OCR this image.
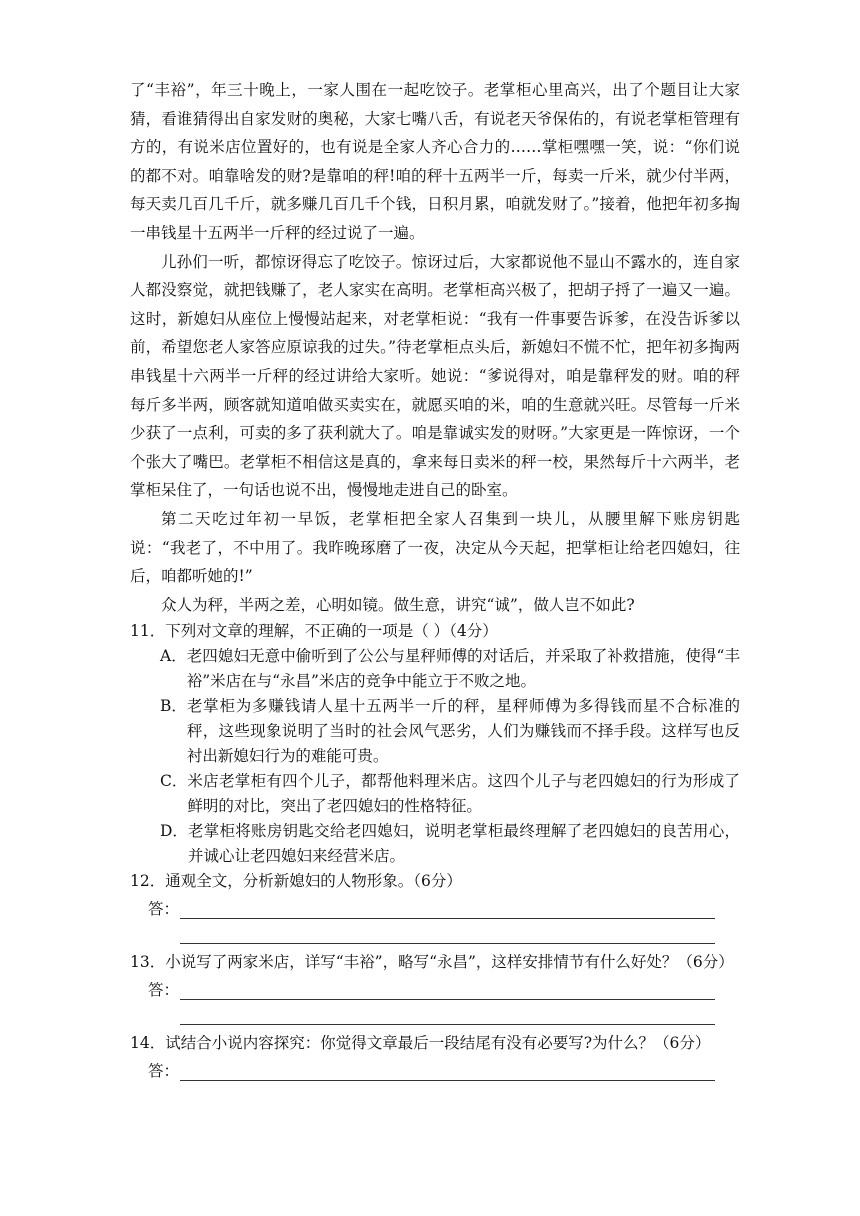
了“丰裕”，年三十晚上，一家人围在一起吃饺子。老掌柜心里高兴，出了个题目让大家猜，看谁猜得出自家发财的奥秘，大家七嘴八舌，有说老天爷保佑的，有说老掌柜管理有方的，有说米店位置好的，也有说是全家人齐心合力的……掌柜嘿嘿一笑，说：“你们说的都不对。咱靠啥发的财?是靠咱的秤!咱的秤十五两半一斤，每卖一斤米，就少付半两，每天卖几百几千斤，就多赚几百几千个钱，日积月累，咱就发财了。”接着，他把年初多掏一串钱星十五两半一斤秤的经过说了一遍。

儿孙们一听，都惊讶得忘了吃饺子。惊讶过后，大家都说他不显山不露水的，连自家人都没察觉，就把钱赚了，老人家实在高明。老掌柜高兴极了，把胡子捋了一遍又一遍。这时，新媳妇从座位上慢慢站起来，对老掌柜说：“我有一件事要告诉爹，在没告诉爹以前，希望您老人家答应原谅我的过失。”待老掌柜点头后，新媳妇不慌不忙，把年初多掏两串钱星十六两半一斤秤的经过讲给大家听。她说：“爹说得对，咱是靠秤发的财。咱的秤每斤多半两，顾客就知道咱做买卖实在，就愿买咱的米，咱的生意就兴旺。尽管每一斤米少获了一点利，可卖的多了获利就大了。咱是靠诚实发的财呀。”大家更是一阵惊讶，一个个张大了嘴巴。老掌柜不相信这是真的，拿来每日卖米的秤一校，果然每斤十六两半，老掌柜呆住了，一句话也说不出，慢慢地走进自己的卧室。

第二天吃过年初一早饭，老掌柜把全家人召集到一块儿，从腰里解下账房钥匙说：“我老了，不中用了。我昨晚琢磨了一夜，决定从今天起，把掌柜让给老四媳妇，往后，咱都听她的!”

众人为秤，半两之差，心明如镜。做生意，讲究“诚”，做人岂不如此?

11．下列对文章的理解，不正确的一项是（ ）（4分）

A． 老四媳妇无意中偷听到了公公与星秤师傅的对话后，并采取了补救措施，使得“丰裕”米店在与“永昌”米店的竞争中能立于不败之地。
B． 老掌柜为多赚钱请人星十五两半一斤的秤，星秤师傅为多得钱而星不合标准的秤，这些现象说明了当时的社会风气恶劣，人们为赚钱而不择手段。这样写也反衬出新媳妇行为的难能可贵。
C． 米店老掌柜有四个儿子，都帮他料理米店。这四个儿子与老四媳妇的行为形成了鲜明的对比，突出了老四媳妇的性格特征。
D． 老掌柜将账房钥匙交给老四媳妇，说明老掌柜最终理解了老四媳妇的良苦用心，并诚心让老四媳妇来经营米店。

12．通观全文，分析新媳妇的人物形象。（6分）

答：

13．小说写了两家米店，详写“丰裕”，略写“永昌”，这样安排情节有什么好处？（6分）

答：

14．试结合小说内容探究：你觉得文章最后一段结尾有没有必要写?为什么？（6分）

答：
